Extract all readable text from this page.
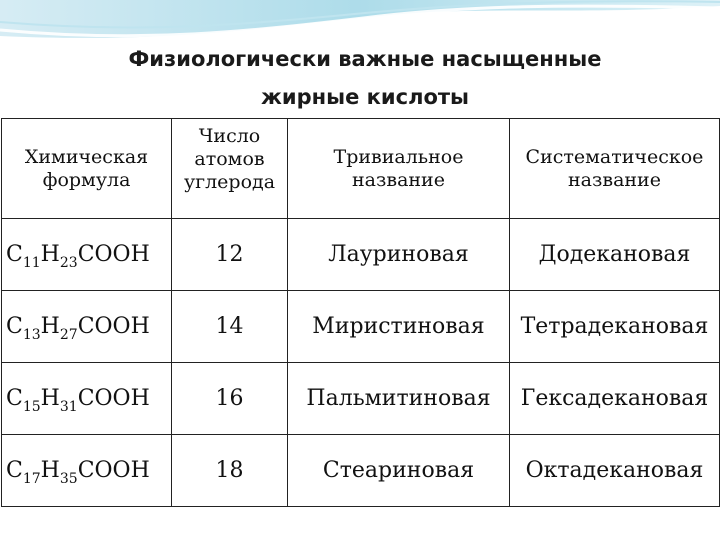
Физиологически важные насыщенные
жирные кислоты
Химическая формула	Число атомов углерода	Тривиальное название	Систематическое название
$C_{11}H_{23}COOH$	12	Лауриновая	Додекановая
$C_{13}H_{27}COOH$	14	Миристиновая	Тетрадекановая
$C_{15}H_{31}COOH$	16	Пальмитиновая	Гексадекановая
$C_{17}H_{35}COOH$	18	Стеариновая	Октадекановая
